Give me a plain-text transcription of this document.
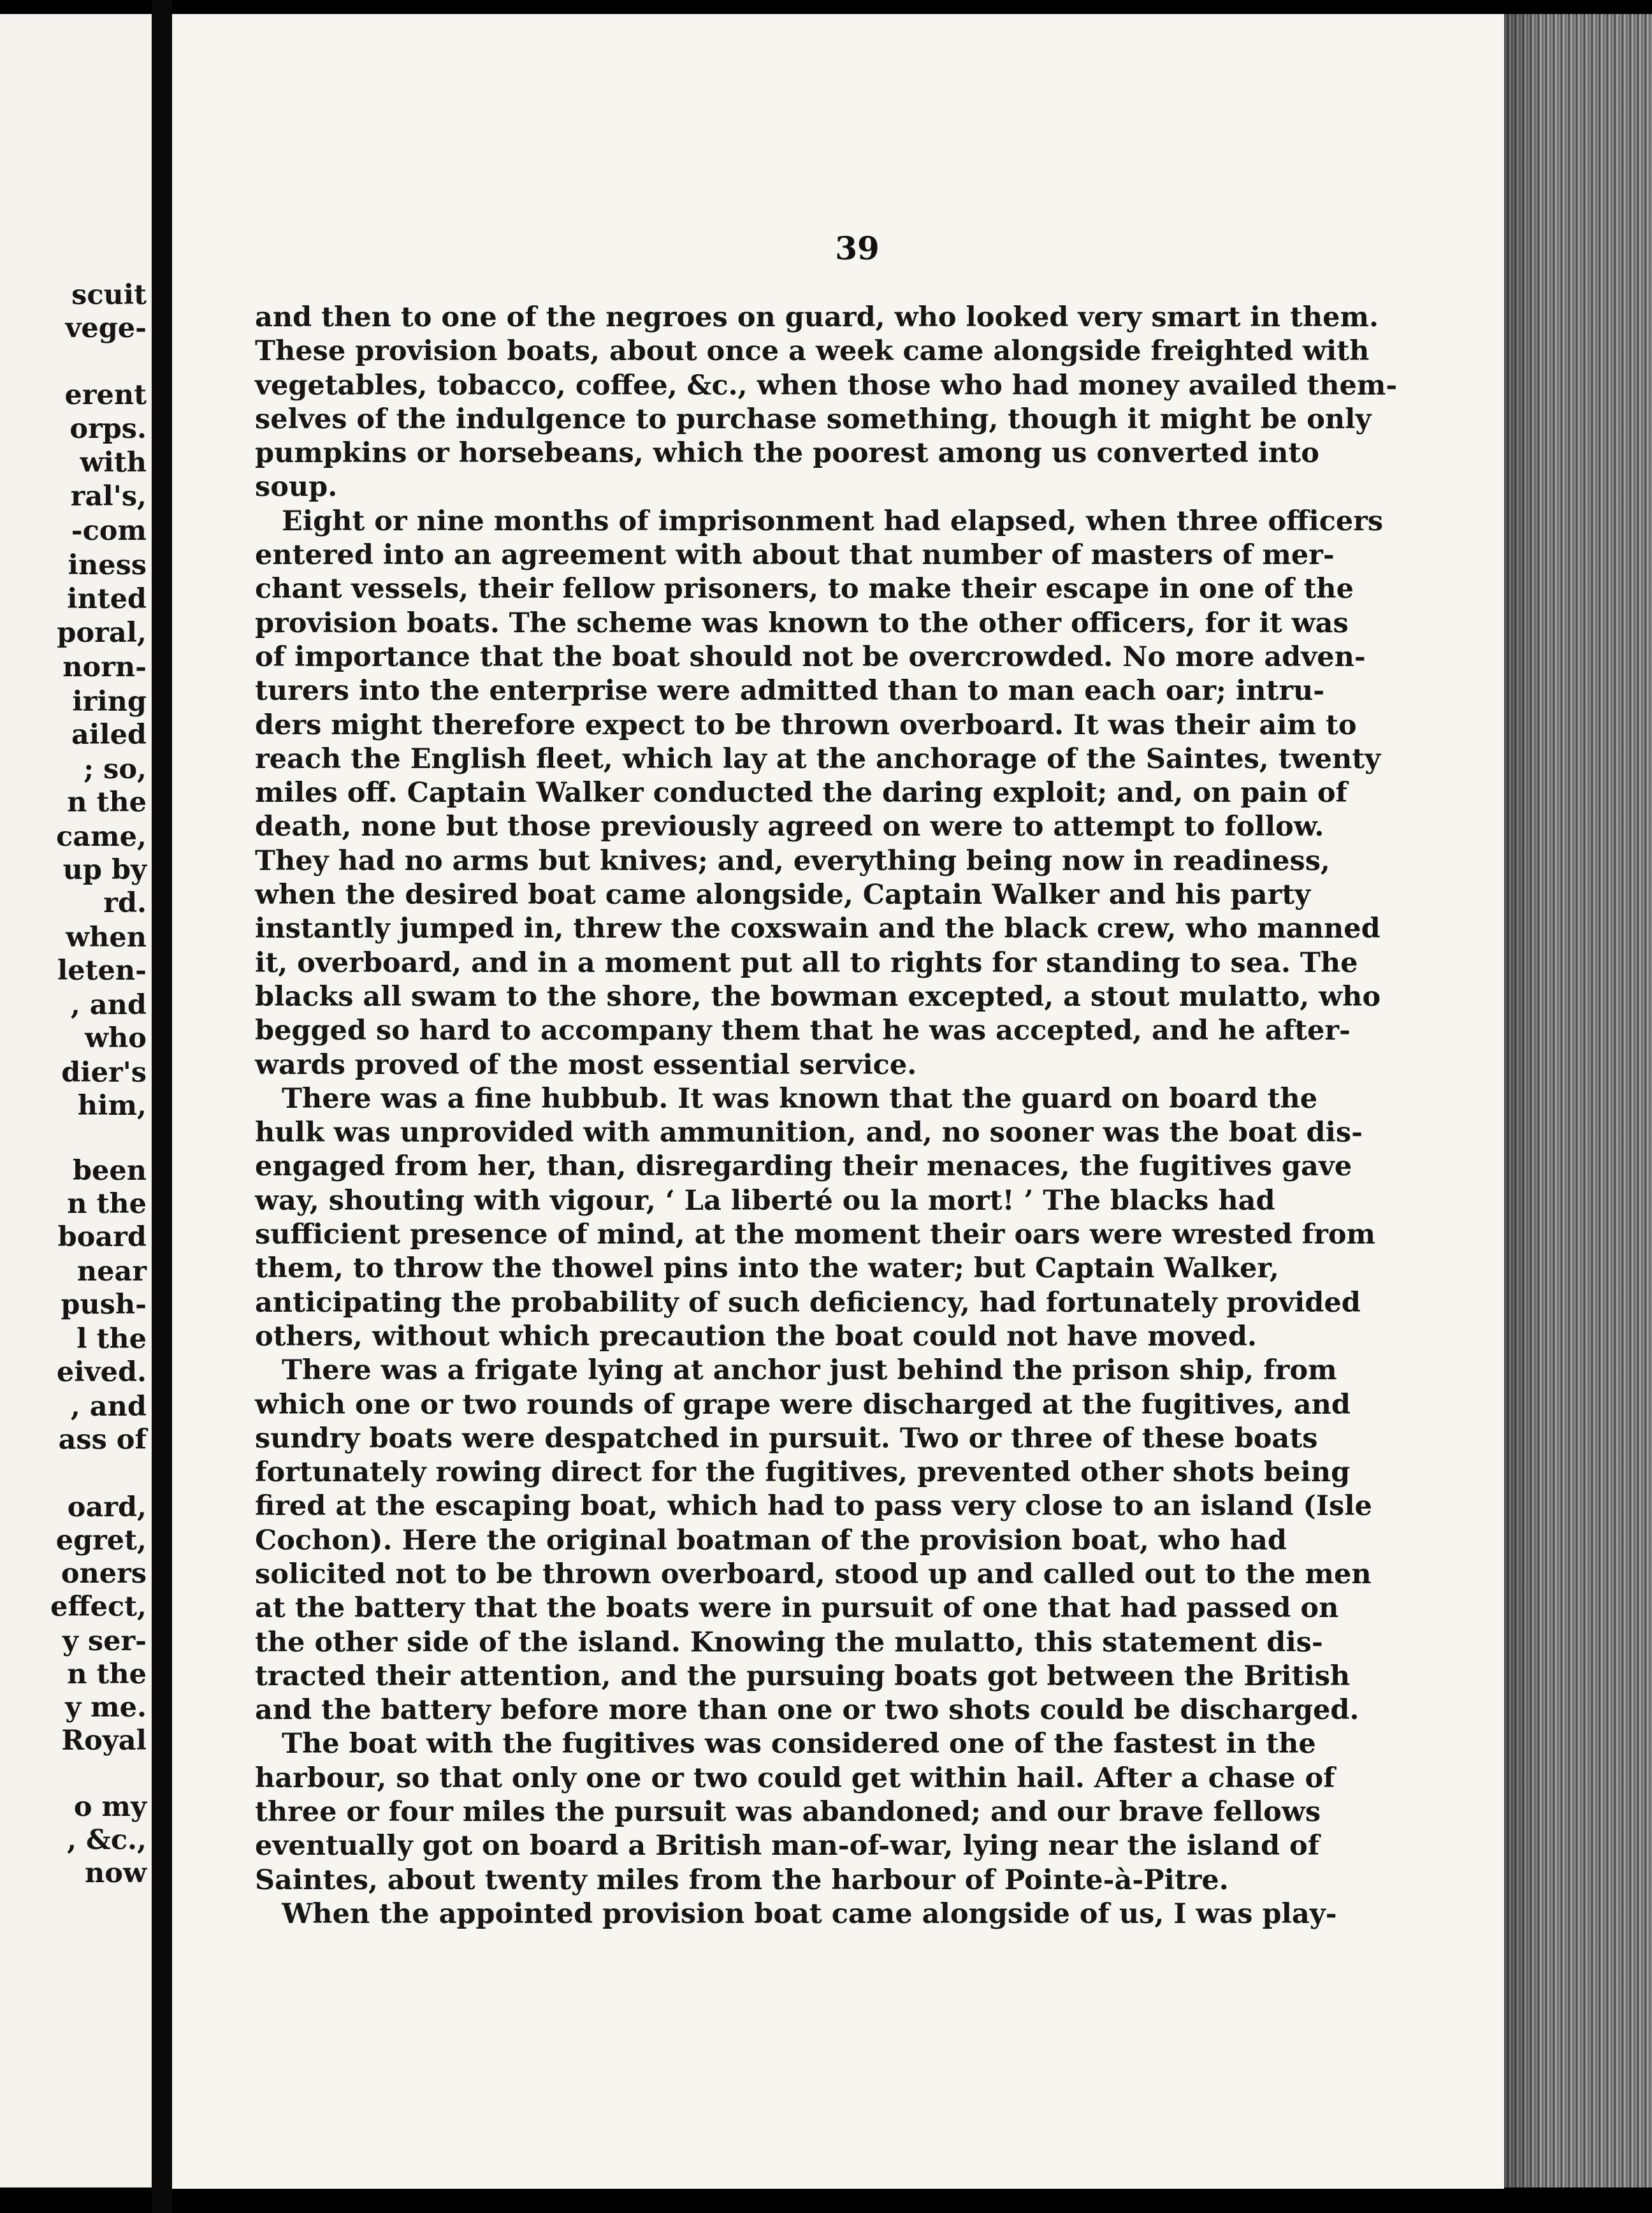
scuit
vege-
erent
orps.
with
ral's,
-com
iness
inted
poral,
norn-
iring
ailed
; so,
n the
came,
up by
rd.
when
leten-
, and
who
dier's
him,
been
n the
board
near
push-
l the
eived.
, and
ass of
oard,
egret,
oners
effect,
y ser-
n the
y me.
Royal
o my
, &c.,
now
39
and then to one of the negroes on guard, who looked very smart in them.
These provision boats, about once a week came alongside freighted with
vegetables, tobacco, coffee, &c., when those who had money availed them-
selves of the indulgence to purchase something, though it might be only
pumpkins or horsebeans, which the poorest among us converted into
soup.
Eight or nine months of imprisonment had elapsed, when three officers
entered into an agreement with about that number of masters of mer-
chant vessels, their fellow prisoners, to make their escape in one of the
provision boats. The scheme was known to the other officers, for it was
of importance that the boat should not be overcrowded. No more adven-
turers into the enterprise were admitted than to man each oar; intru-
ders might therefore expect to be thrown overboard. It was their aim to
reach the English fleet, which lay at the anchorage of the Saintes, twenty
miles off. Captain Walker conducted the daring exploit; and, on pain of
death, none but those previously agreed on were to attempt to follow.
They had no arms but knives; and, everything being now in readiness,
when the desired boat came alongside, Captain Walker and his party
instantly jumped in, threw the coxswain and the black crew, who manned
it, overboard, and in a moment put all to rights for standing to sea. The
blacks all swam to the shore, the bowman excepted, a stout mulatto, who
begged so hard to accompany them that he was accepted, and he after-
wards proved of the most essential service.
There was a fine hubbub. It was known that the guard on board the
hulk was unprovided with ammunition, and, no sooner was the boat dis-
engaged from her, than, disregarding their menaces, the fugitives gave
way, shouting with vigour, ‘ La liberté ou la mort! ’ The blacks had
sufficient presence of mind, at the moment their oars were wrested from
them, to throw the thowel pins into the water; but Captain Walker,
anticipating the probability of such deficiency, had fortunately provided
others, without which precaution the boat could not have moved.
There was a frigate lying at anchor just behind the prison ship, from
which one or two rounds of grape were discharged at the fugitives, and
sundry boats were despatched in pursuit. Two or three of these boats
fortunately rowing direct for the fugitives, prevented other shots being
fired at the escaping boat, which had to pass very close to an island (Isle
Cochon). Here the original boatman of the provision boat, who had
solicited not to be thrown overboard, stood up and called out to the men
at the battery that the boats were in pursuit of one that had passed on
the other side of the island. Knowing the mulatto, this statement dis-
tracted their attention, and the pursuing boats got between the British
and the battery before more than one or two shots could be discharged.
The boat with the fugitives was considered one of the fastest in the
harbour, so that only one or two could get within hail. After a chase of
three or four miles the pursuit was abandoned; and our brave fellows
eventually got on board a British man-of-war, lying near the island of
Saintes, about twenty miles from the harbour of Pointe-à-Pitre.
When the appointed provision boat came alongside of us, I was play-
